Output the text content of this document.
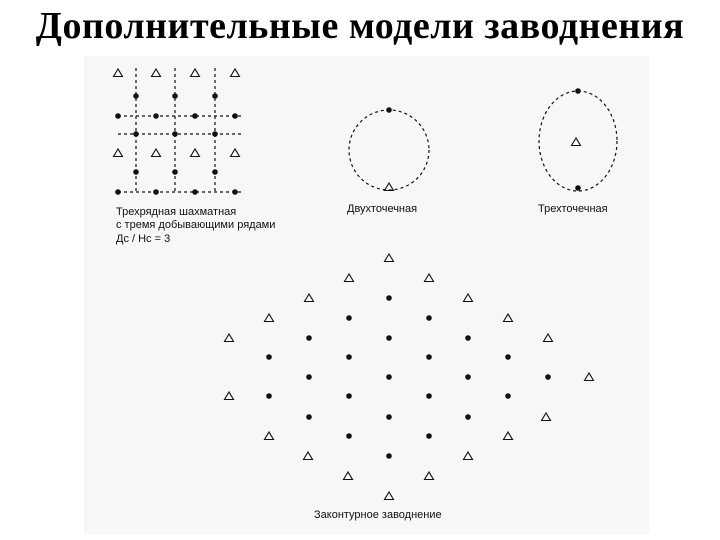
Дополнительные модели заводнения
Трехрядная шахматная
с тремя добывающими рядами
Дс / Нс = 3
Двухточечная	Трехточечная
Законтурное заводнение
